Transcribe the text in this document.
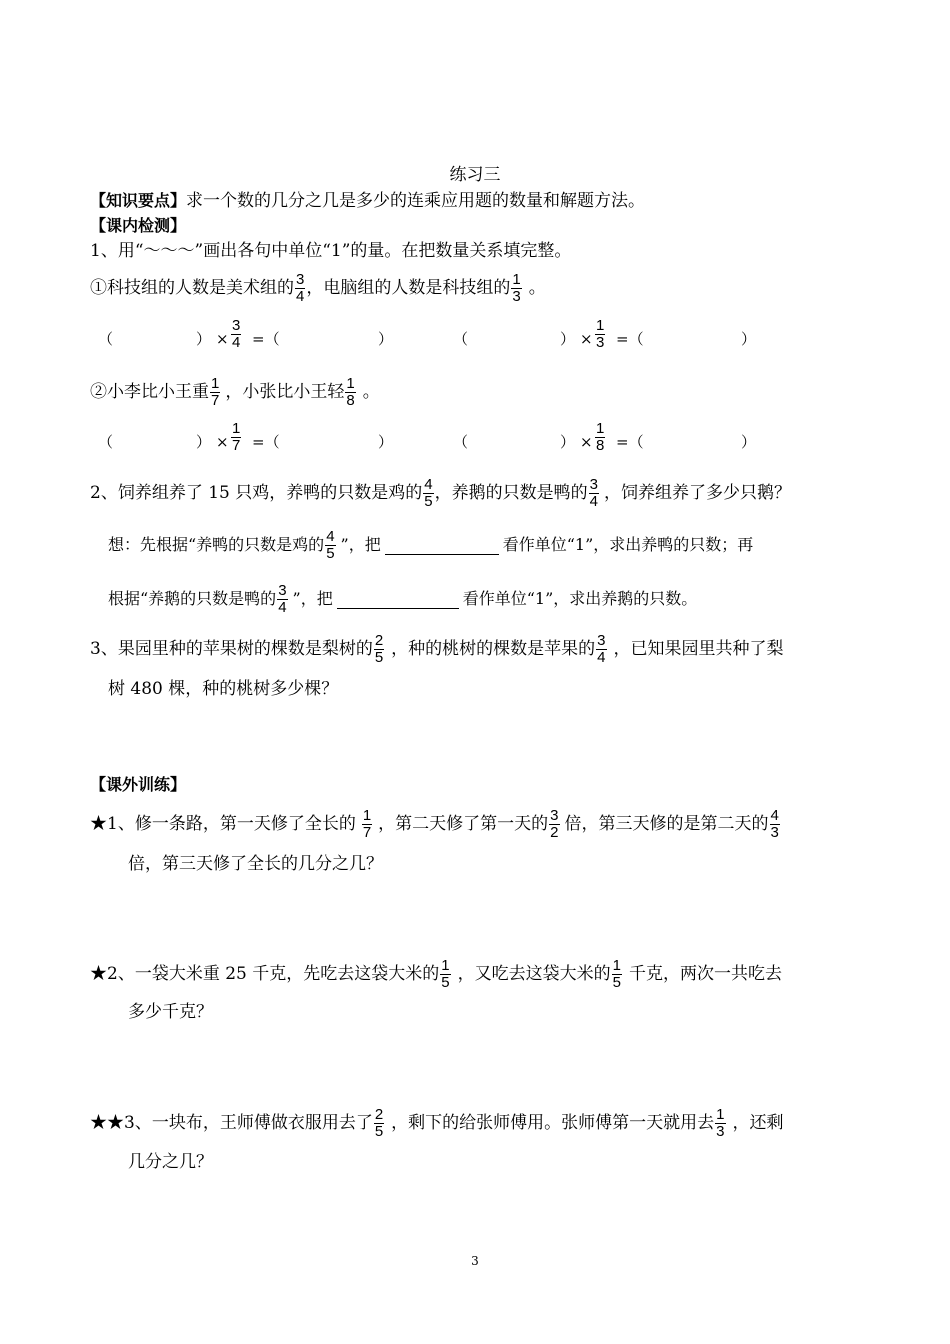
练习三
【知识要点】求一个数的几分之几是多少的连乘应用题的数量和解题方法。
【课内检测】
1、用“～～～”画出各句中单位“1”的量。在把数量关系填完整。
①科技组的人数是美术组的 $\frac{3}{4}$ ，电脑组的人数是科技组的 $\frac{1}{3}$ 。
（	） × $\frac{3}{4}$ =（	）	（	） × $\frac{1}{3}$ =（	）
②小李比小王重 $\frac{1}{7}$ ，小张比小王轻 $\frac{1}{8}$ 。
（	） × $\frac{1}{7}$ =（	）	（	） × $\frac{1}{8}$ =（	）
2、饲养组养了 15 只鸡，养鸭的只数是鸡的 $\frac{4}{5}$ ，养鹅的只数是鸭的 $\frac{3}{4}$ ，饲养组养了多少只鹅？
想：先根据“养鸭的只数是鸡的 $\frac{4}{5}$ ”，把	看作单位“1”，求出养鸭的只数；再
根据“养鹅的只数是鸭的 $\frac{3}{4}$ ”，把	看作单位“1”，求出养鹅的只数。
3、果园里种的苹果树的棵数是梨树的 $\frac{2}{5}$ ，种的桃树的棵数是苹果的 $\frac{3}{4}$ ，已知果园里共种了梨
树 480 棵，种的桃树多少棵？
【课外训练】
★1、修一条路，第一天修了全长的 $\frac{1}{7}$ ，第二天修了第一天的 $\frac{3}{2}$ 倍，第三天修的是第二天的 $\frac{4}{3}$
倍，第三天修了全长的几分之几？
★2、一袋大米重 25 千克，先吃去这袋大米的 $\frac{1}{5}$ ，又吃去这袋大米的 $\frac{1}{5}$ 千克，两次一共吃去
多少千克？
★★3、一块布，王师傅做衣服用去了 $\frac{2}{5}$ ，剩下的给张师傅用。张师傅第一天就用去 $\frac{1}{3}$ ，还剩
几分之几？
3
